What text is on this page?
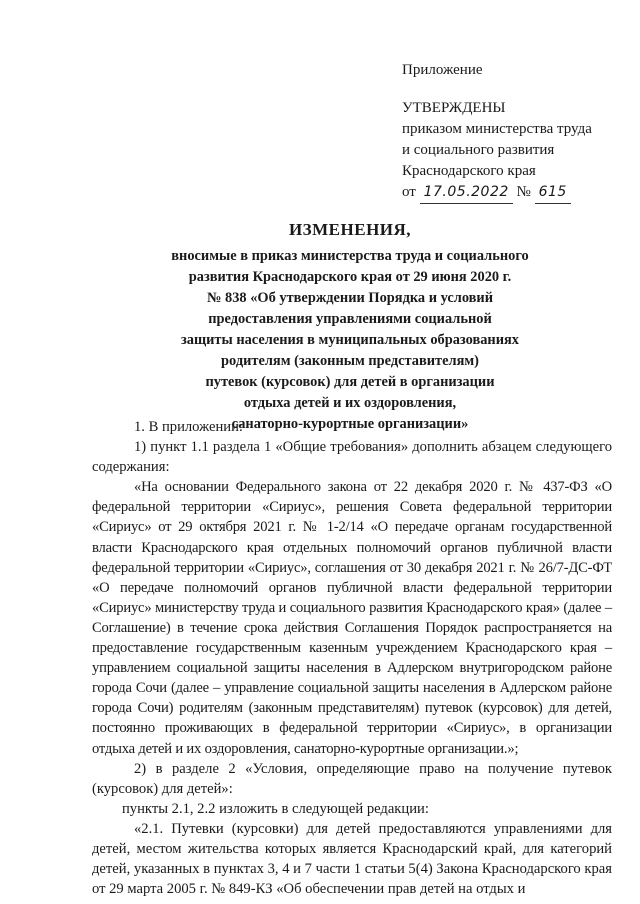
Приложение
УТВЕРЖДЕНЫ
приказом министерства труда
и социального развития
Краснодарского края
от 17.05.2022 № 615
ИЗМЕНЕНИЯ,
вносимые в приказ министерства труда и социального
развития Краснодарского края от 29 июня 2020 г.
№ 838 «Об утверждении Порядка и условий
предоставления управлениями социальной
защиты населения в муниципальных образованиях
родителям (законным представителям)
путевок (курсовок) для детей в организации
отдыха детей и их оздоровления,
санаторно-курортные организации»
1. В приложении:
1) пункт 1.1 раздела 1 «Общие требования» дополнить абзацем следующего содержания:
«На основании Федерального закона от 22 декабря 2020 г. № 437-ФЗ «О федеральной территории «Сириус», решения Совета федеральной территории «Сириус» от 29 октября 2021 г. № 1-2/14 «О передаче органам государственной власти Краснодарского края отдельных полномочий органов публичной власти федеральной территории «Сириус», соглашения от 30 декабря 2021 г. № 26/7-ДС-ФТ «О передаче полномочий органов публичной власти федеральной территории «Сириус» министерству труда и социального развития Краснодарского края» (далее – Соглашение) в течение срока действия Соглашения Порядок распространяется на предоставление государственным казенным учреждением Краснодарского края – управлением социальной защиты населения в Адлерском внутригородском районе города Сочи (далее – управление социальной защиты населения в Адлерском районе города Сочи) родителям (законным представителям) путевок (курсовок) для детей, постоянно проживающих в федеральной территории «Сириус», в организации отдыха детей и их оздоровления, санаторно-курортные организации.»;
2) в разделе 2 «Условия, определяющие право на получение путевок (курсовок) для детей»:
пункты 2.1, 2.2 изложить в следующей редакции:
«2.1. Путевки (курсовки) для детей предоставляются управлениями для детей, местом жительства которых является Краснодарский край, для категорий детей, указанных в пунктах 3, 4 и 7 части 1 статьи 5(4) Закона Краснодарского края от 29 марта 2005 г. № 849-КЗ «Об обеспечении прав детей на отдых и
